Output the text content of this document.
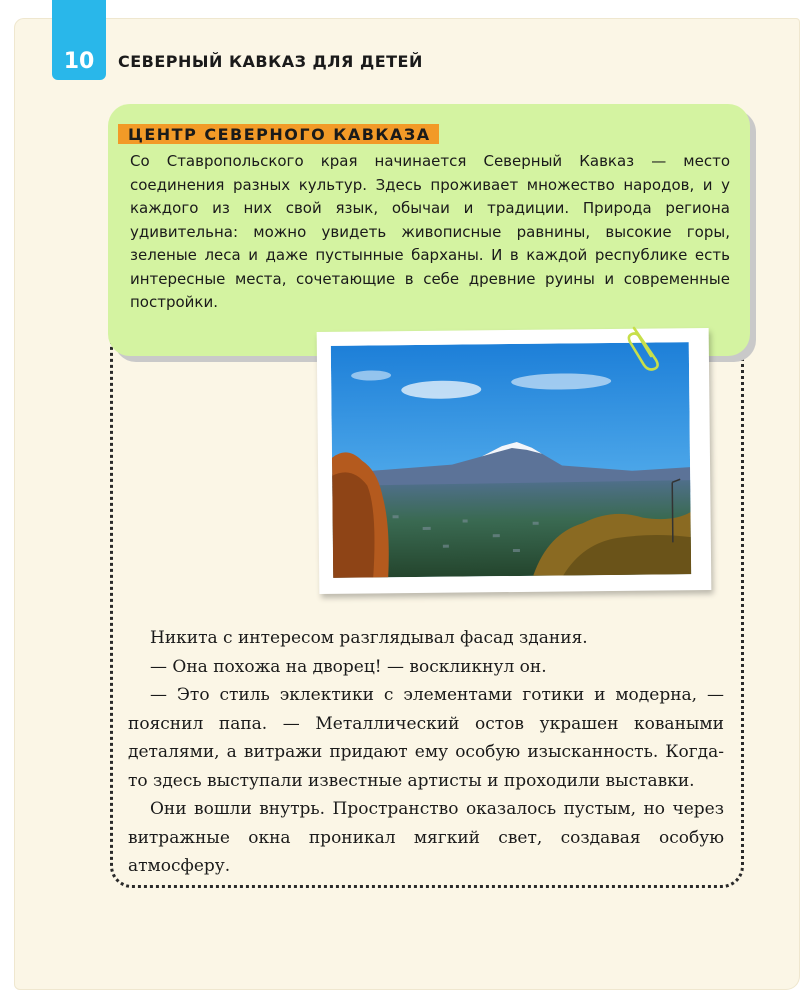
10	СЕВЕРНЫЙ КАВКАЗ ДЛЯ ДЕТЕЙ
ЦЕНТР СЕВЕРНОГО КАВКАЗА

Со Ставропольского края начинается Северный Кавказ — место соединения разных культур. Здесь проживает множество народов, и у каждого из них свой язык, обычаи и традиции. Природа региона удивительна: можно увидеть живописные равнины, высокие горы, зеленые леса и даже пустынные барханы. И в каждой республике есть интересные места, сочетающие в себе древние руины и современные постройки.

Никита с интересом разглядывал фасад здания.

— Она похожа на дворец! — воскликнул он.

— Это стиль эклектики с элементами готики и модерна, — пояснил папа. — Металлический остов украшен коваными деталями, а витражи придают ему особую изысканность. Когда-то здесь выступали известные артисты и проходили выставки.

Они вошли внутрь. Пространство оказалось пустым, но через витражные окна проникал мягкий свет, создавая особую атмосферу.
